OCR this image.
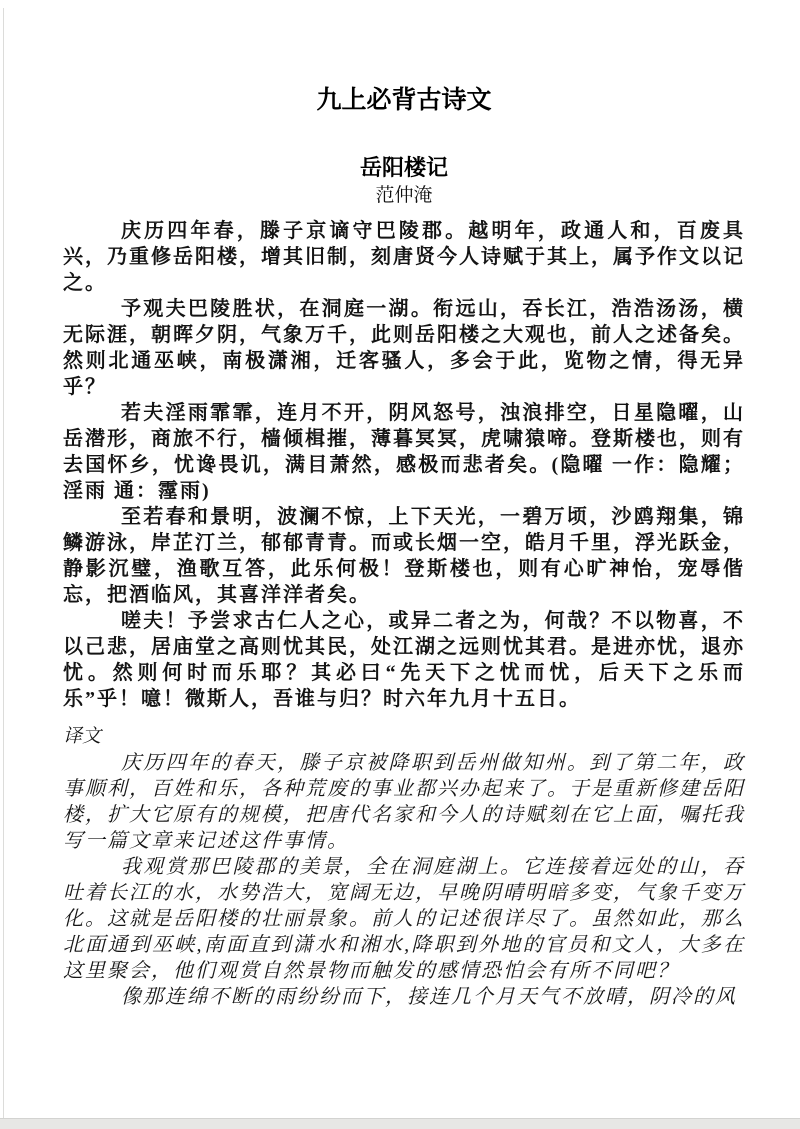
九上必背古诗文
岳阳楼记
范仲淹

庆历四年春，滕子京谪守巴陵郡。越明年，政通人和，百废具兴，乃重修岳阳楼，增其旧制，刻唐贤今人诗赋于其上，属予作文以记之。

予观夫巴陵胜状，在洞庭一湖。衔远山，吞长江，浩浩汤汤，横无际涯，朝晖夕阴，气象万千，此则岳阳楼之大观也，前人之述备矣。然则北通巫峡，南极潇湘，迁客骚人，多会于此，览物之情，得无异乎？

若夫淫雨霏霏，连月不开，阴风怒号，浊浪排空，日星隐曜，山岳潜形，商旅不行，樯倾楫摧，薄暮冥冥，虎啸猿啼。登斯楼也，则有去国怀乡，忧谗畏讥，满目萧然，感极而悲者矣。(隐曜 一作：隐耀；淫雨 通：霪雨)

至若春和景明，波澜不惊，上下天光，一碧万顷，沙鸥翔集，锦鳞游泳，岸芷汀兰，郁郁青青。而或长烟一空，皓月千里，浮光跃金，静影沉璧，渔歌互答，此乐何极！登斯楼也，则有心旷神怡，宠辱偕忘，把酒临风，其喜洋洋者矣。

嗟夫！予尝求古仁人之心，或异二者之为，何哉？不以物喜，不以己悲，居庙堂之高则忧其民，处江湖之远则忧其君。是进亦忧，退亦忧。然则何时而乐耶？其必曰“先天下之忧而忧，后天下之乐而乐”乎！噫！微斯人，吾谁与归？时六年九月十五日。

译文

庆历四年的春天，滕子京被降职到岳州做知州。到了第二年，政事顺利，百姓和乐，各种荒废的事业都兴办起来了。于是重新修建岳阳楼，扩大它原有的规模，把唐代名家和今人的诗赋刻在它上面，嘱托我写一篇文章来记述这件事情。

我观赏那巴陵郡的美景，全在洞庭湖上。它连接着远处的山，吞吐着长江的水，水势浩大，宽阔无边，早晚阴晴明暗多变，气象千变万化。这就是岳阳楼的壮丽景象。前人的记述很详尽了。虽然如此，那么北面通到巫峡,南面直到潇水和湘水,降职到外地的官员和文人，大多在这里聚会，他们观赏自然景物而触发的感情恐怕会有所不同吧？

像那连绵不断的雨纷纷而下，接连几个月天气不放晴，阴冷的风
